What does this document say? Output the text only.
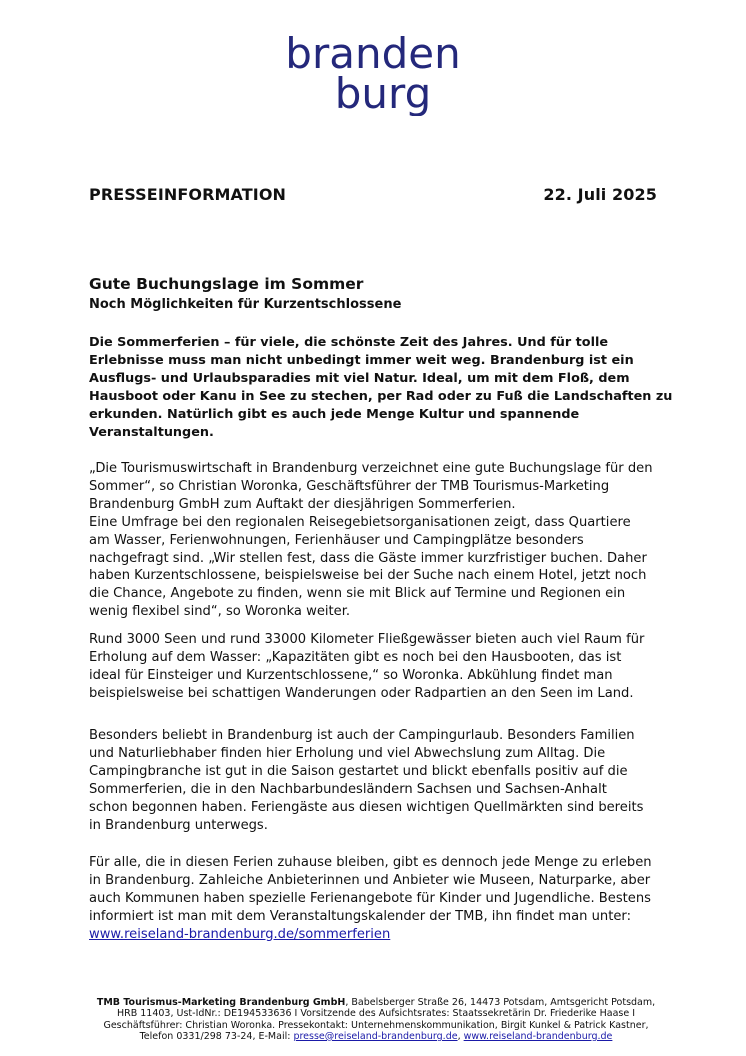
branden
burg
PRESSEINFORMATION	22. Juli 2025
Gute Buchungslage im Sommer
Noch Möglichkeiten für Kurzentschlossene

Die Sommerferien – für viele, die schönste Zeit des Jahres. Und für tolle
Erlebnisse muss man nicht unbedingt immer weit weg. Brandenburg ist ein
Ausflugs- und Urlaubsparadies mit viel Natur. Ideal, um mit dem Floß, dem
Hausboot oder Kanu in See zu stechen, per Rad oder zu Fuß die Landschaften zu
erkunden. Natürlich gibt es auch jede Menge Kultur und spannende
Veranstaltungen.

„Die Tourismuswirtschaft in Brandenburg verzeichnet eine gute Buchungslage für den
Sommer“, so Christian Woronka, Geschäftsführer der TMB Tourismus-Marketing
Brandenburg GmbH zum Auftakt der diesjährigen Sommerferien.
Eine Umfrage bei den regionalen Reisegebietsorganisationen zeigt, dass Quartiere
am Wasser, Ferienwohnungen, Ferienhäuser und Campingplätze besonders
nachgefragt sind. „Wir stellen fest, dass die Gäste immer kurzfristiger buchen. Daher
haben Kurzentschlossene, beispielsweise bei der Suche nach einem Hotel, jetzt noch
die Chance, Angebote zu finden, wenn sie mit Blick auf Termine und Regionen ein
wenig flexibel sind“, so Woronka weiter.

Rund 3000 Seen und rund 33000 Kilometer Fließgewässer bieten auch viel Raum für
Erholung auf dem Wasser: „Kapazitäten gibt es noch bei den Hausbooten, das ist
ideal für Einsteiger und Kurzentschlossene,“ so Woronka. Abkühlung findet man
beispielsweise bei schattigen Wanderungen oder Radpartien an den Seen im Land.

Besonders beliebt in Brandenburg ist auch der Campingurlaub. Besonders Familien
und Naturliebhaber finden hier Erholung und viel Abwechslung zum Alltag. Die
Campingbranche ist gut in die Saison gestartet und blickt ebenfalls positiv auf die
Sommerferien, die in den Nachbarbundesländern Sachsen und Sachsen-Anhalt
schon begonnen haben. Feriengäste aus diesen wichtigen Quellmärkten sind bereits
in Brandenburg unterwegs.

Für alle, die in diesen Ferien zuhause bleiben, gibt es dennoch jede Menge zu erleben
in Brandenburg. Zahleiche Anbieterinnen und Anbieter wie Museen, Naturparke, aber
auch Kommunen haben spezielle Ferienangebote für Kinder und Jugendliche. Bestens
informiert ist man mit dem Veranstaltungskalender der TMB, ihn findet man unter:
www.reiseland-brandenburg.de/sommerferien

TMB Tourismus-Marketing Brandenburg GmbH, Babelsberger Straße 26, 14473 Potsdam, Amtsgericht Potsdam,
HRB 11403, Ust-IdNr.: DE194533636 I Vorsitzende des Aufsichtsrates: Staatssekretärin Dr. Friederike Haase I
Geschäftsführer: Christian Woronka. Pressekontakt: Unternehmenskommunikation, Birgit Kunkel & Patrick Kastner,
Telefon 0331/298 73-24, E-Mail: presse@reiseland-brandenburg.de, www.reiseland-brandenburg.de
